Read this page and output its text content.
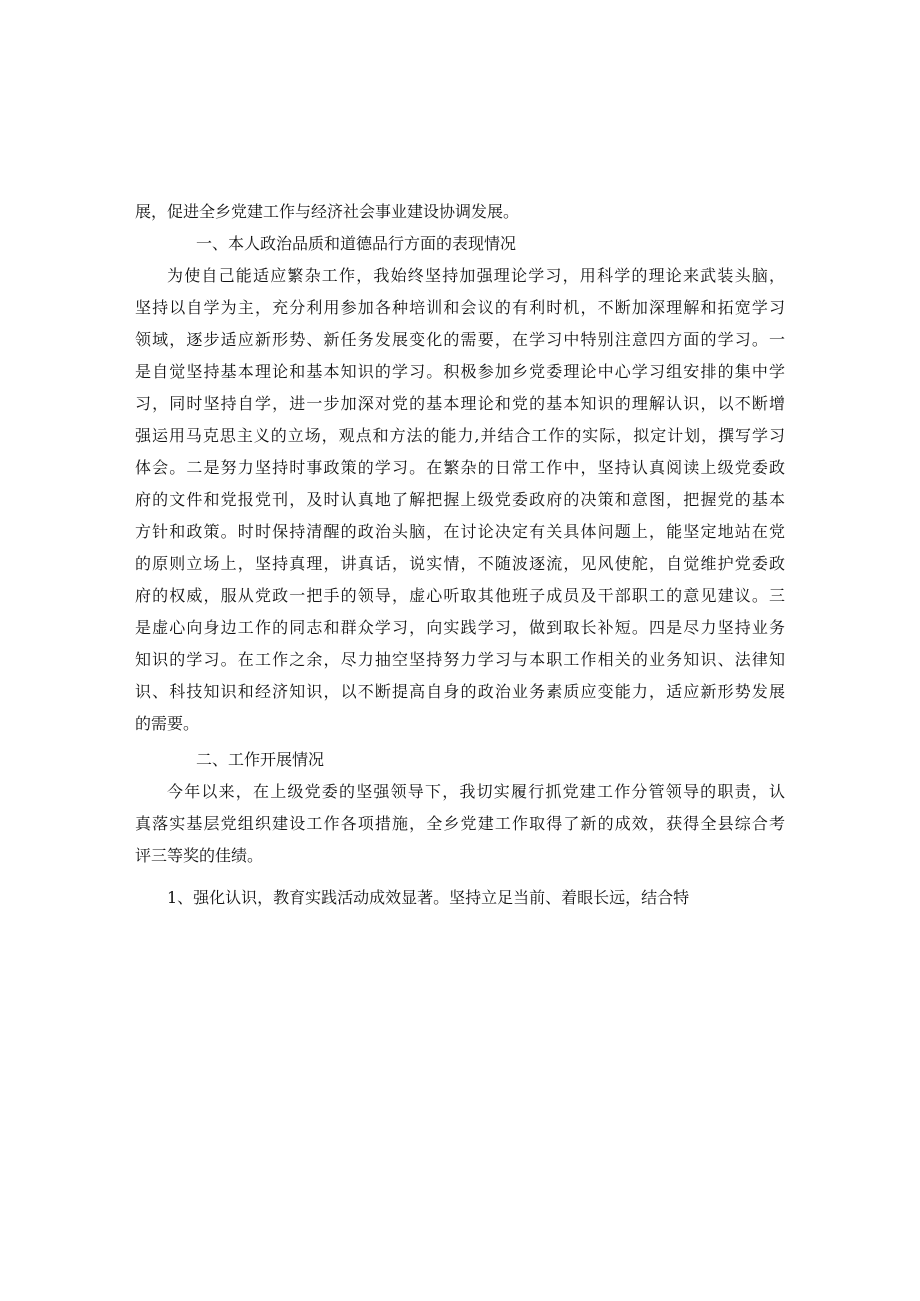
展，促进全乡党建工作与经济社会事业建设协调发展。
一、本人政治品质和道德品行方面的表现情况
为使自己能适应繁杂工作，我始终坚持加强理论学习，用科学的理论来武装头脑，
坚持以自学为主，充分利用参加各种培训和会议的有利时机，不断加深理解和拓宽学习
领域，逐步适应新形势、新任务发展变化的需要，在学习中特别注意四方面的学习。一
是自觉坚持基本理论和基本知识的学习。积极参加乡党委理论中心学习组安排的集中学
习，同时坚持自学，进一步加深对党的基本理论和党的基本知识的理解认识，以不断增
强运用马克思主义的立场，观点和方法的能力,并结合工作的实际，拟定计划，撰写学习
体会。二是努力坚持时事政策的学习。在繁杂的日常工作中，坚持认真阅读上级党委政
府的文件和党报党刊，及时认真地了解把握上级党委政府的决策和意图，把握党的基本
方针和政策。时时保持清醒的政治头脑，在讨论决定有关具体问题上，能坚定地站在党
的原则立场上，坚持真理，讲真话，说实情，不随波逐流，见风使舵，自觉维护党委政
府的权威，服从党政一把手的领导，虚心听取其他班子成员及干部职工的意见建议。三
是虚心向身边工作的同志和群众学习，向实践学习，做到取长补短。四是尽力坚持业务
知识的学习。在工作之余，尽力抽空坚持努力学习与本职工作相关的业务知识、法律知
识、科技知识和经济知识，以不断提高自身的政治业务素质应变能力，适应新形势发展
的需要。
二、工作开展情况
今年以来，在上级党委的坚强领导下，我切实履行抓党建工作分管领导的职责，认
真落实基层党组织建设工作各项措施，全乡党建工作取得了新的成效，获得全县综合考
评三等奖的佳绩。
1、强化认识，教育实践活动成效显著。坚持立足当前、着眼长远，结合特
